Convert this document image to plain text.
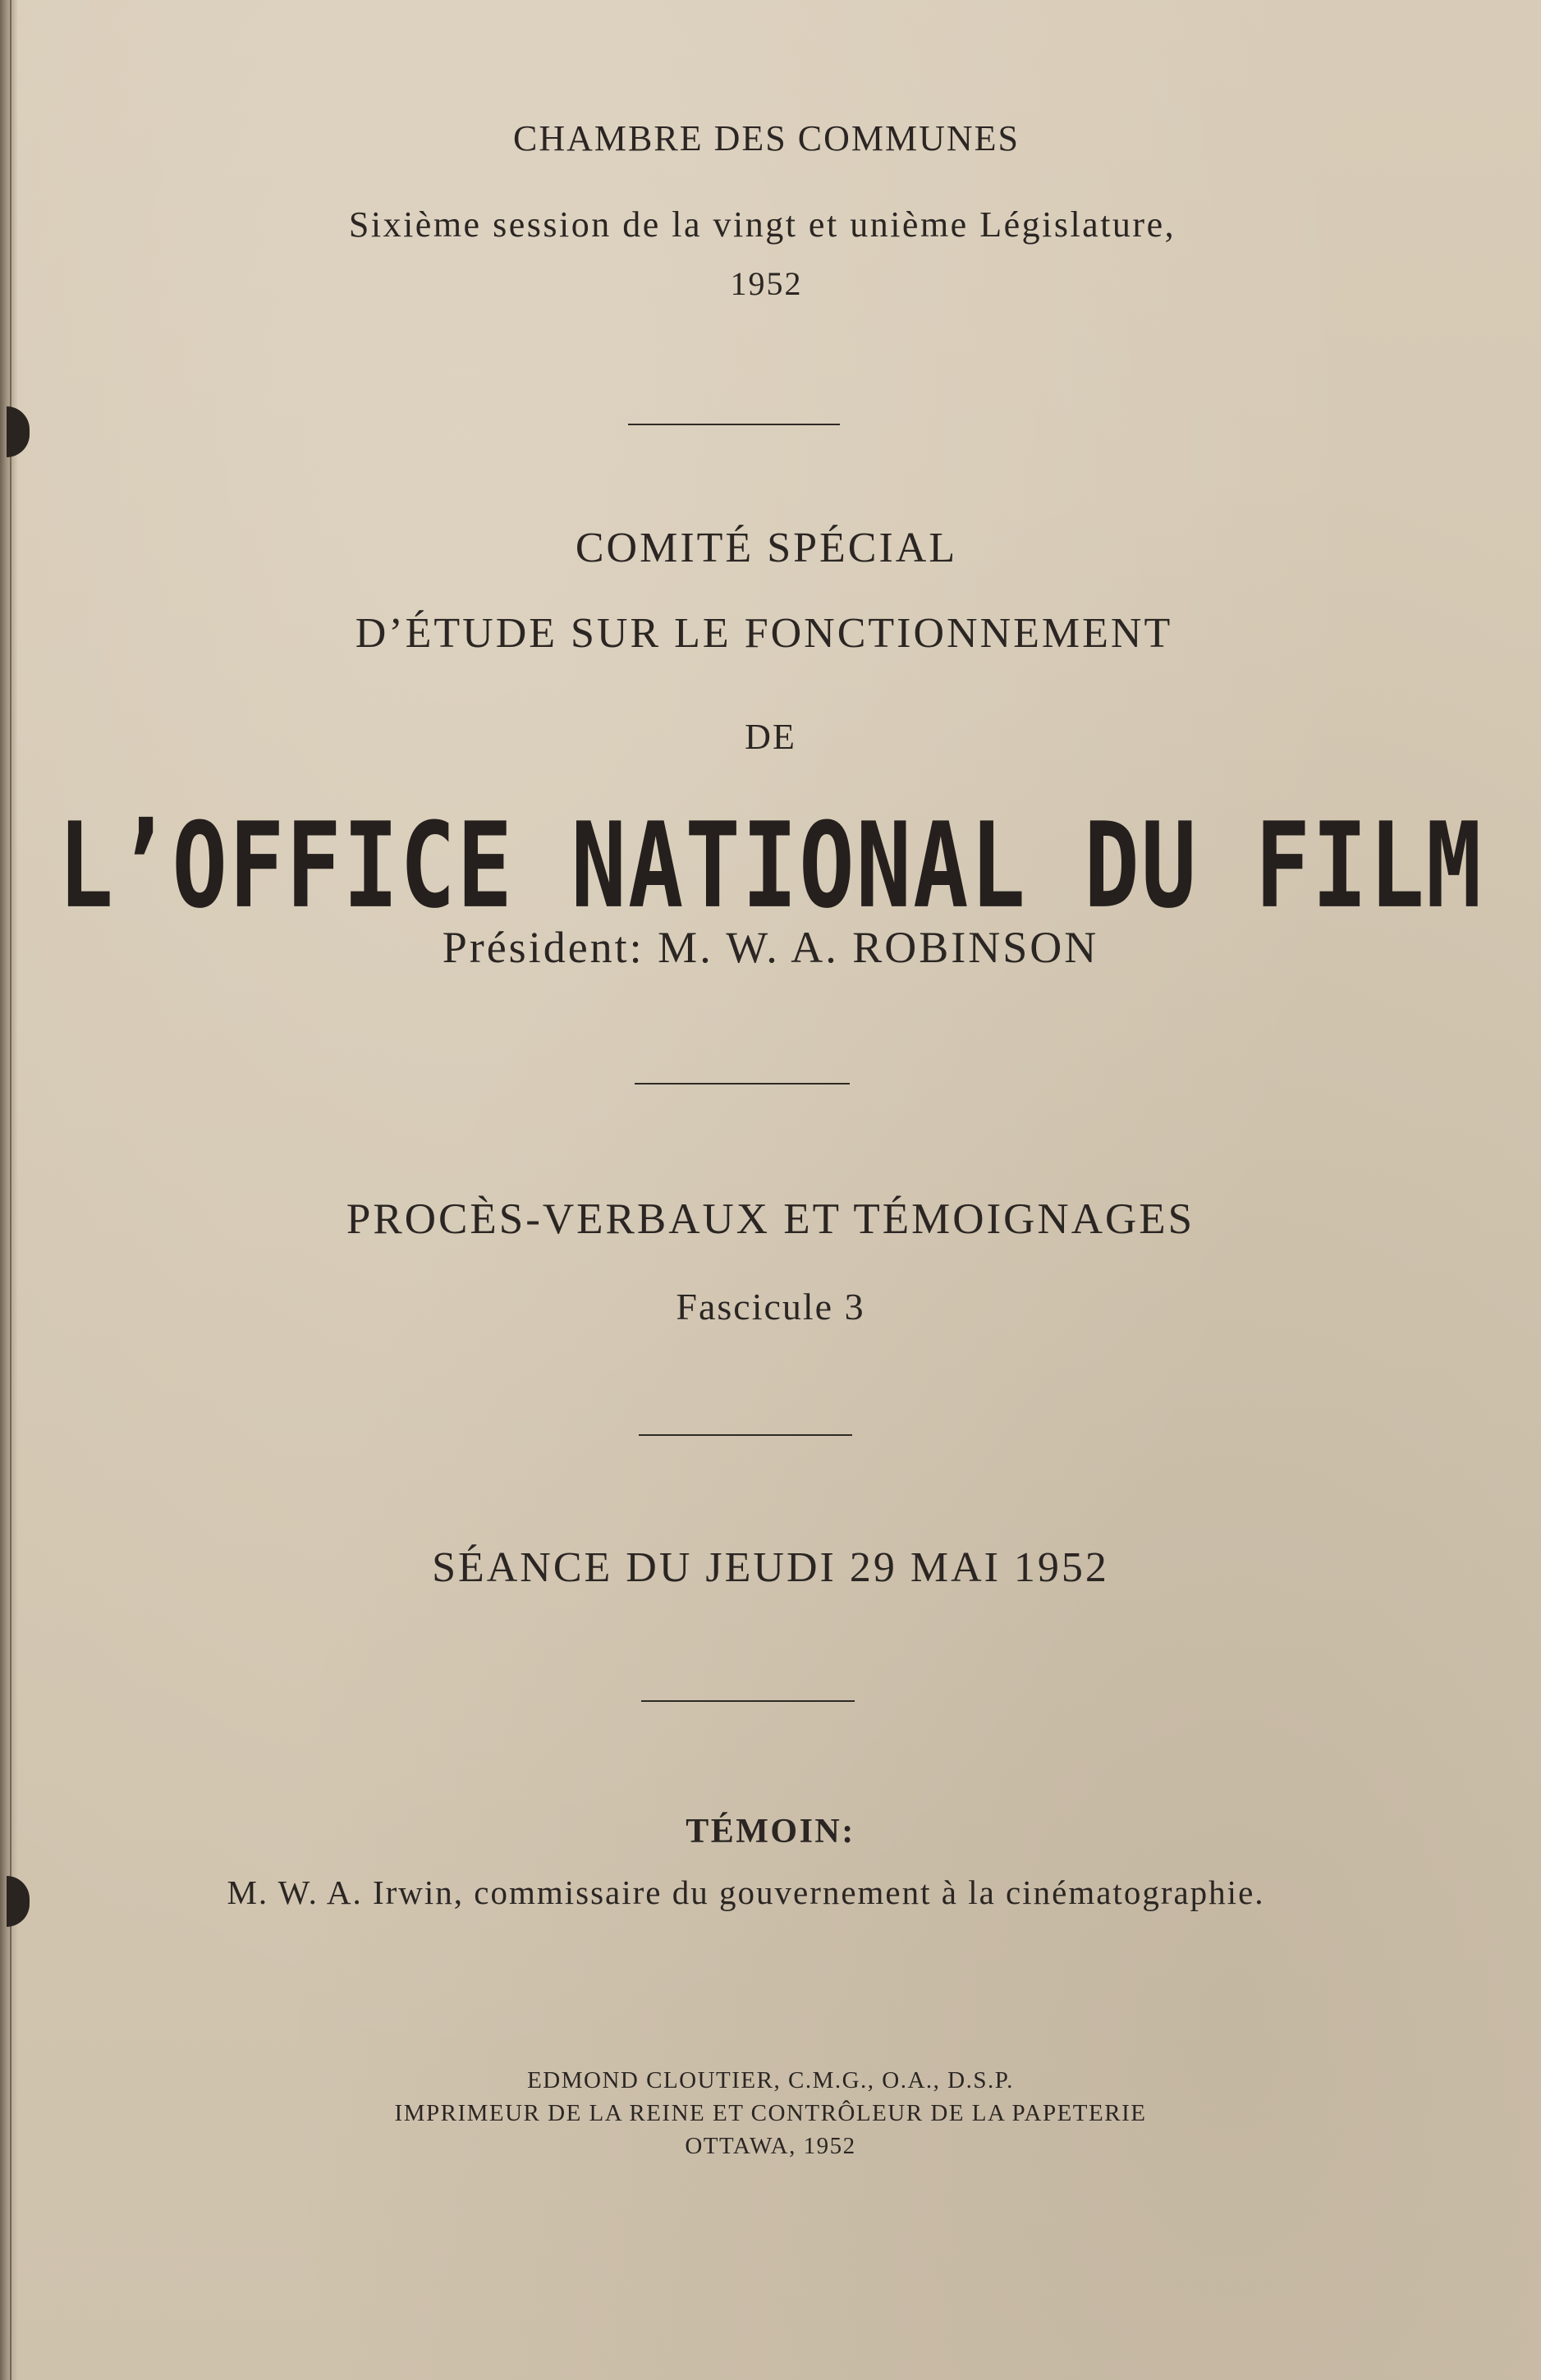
CHAMBRE DES COMMUNES
Sixième session de la vingt et unième Législature,
1952
COMITÉ SPÉCIAL
D’ÉTUDE SUR LE FONCTIONNEMENT
DE
L’OFFICE NATIONAL DU FILM
Président: M. W. A. ROBINSON
PROCÈS-VERBAUX ET TÉMOIGNAGES
Fascicule 3
SÉANCE DU JEUDI 29 MAI 1952
TÉMOIN:
M. W. A. Irwin, commissaire du gouvernement à la cinématographie.
EDMOND CLOUTIER, C.M.G., O.A., D.S.P.
IMPRIMEUR DE LA REINE ET CONTRÔLEUR DE LA PAPETERIE
OTTAWA, 1952
